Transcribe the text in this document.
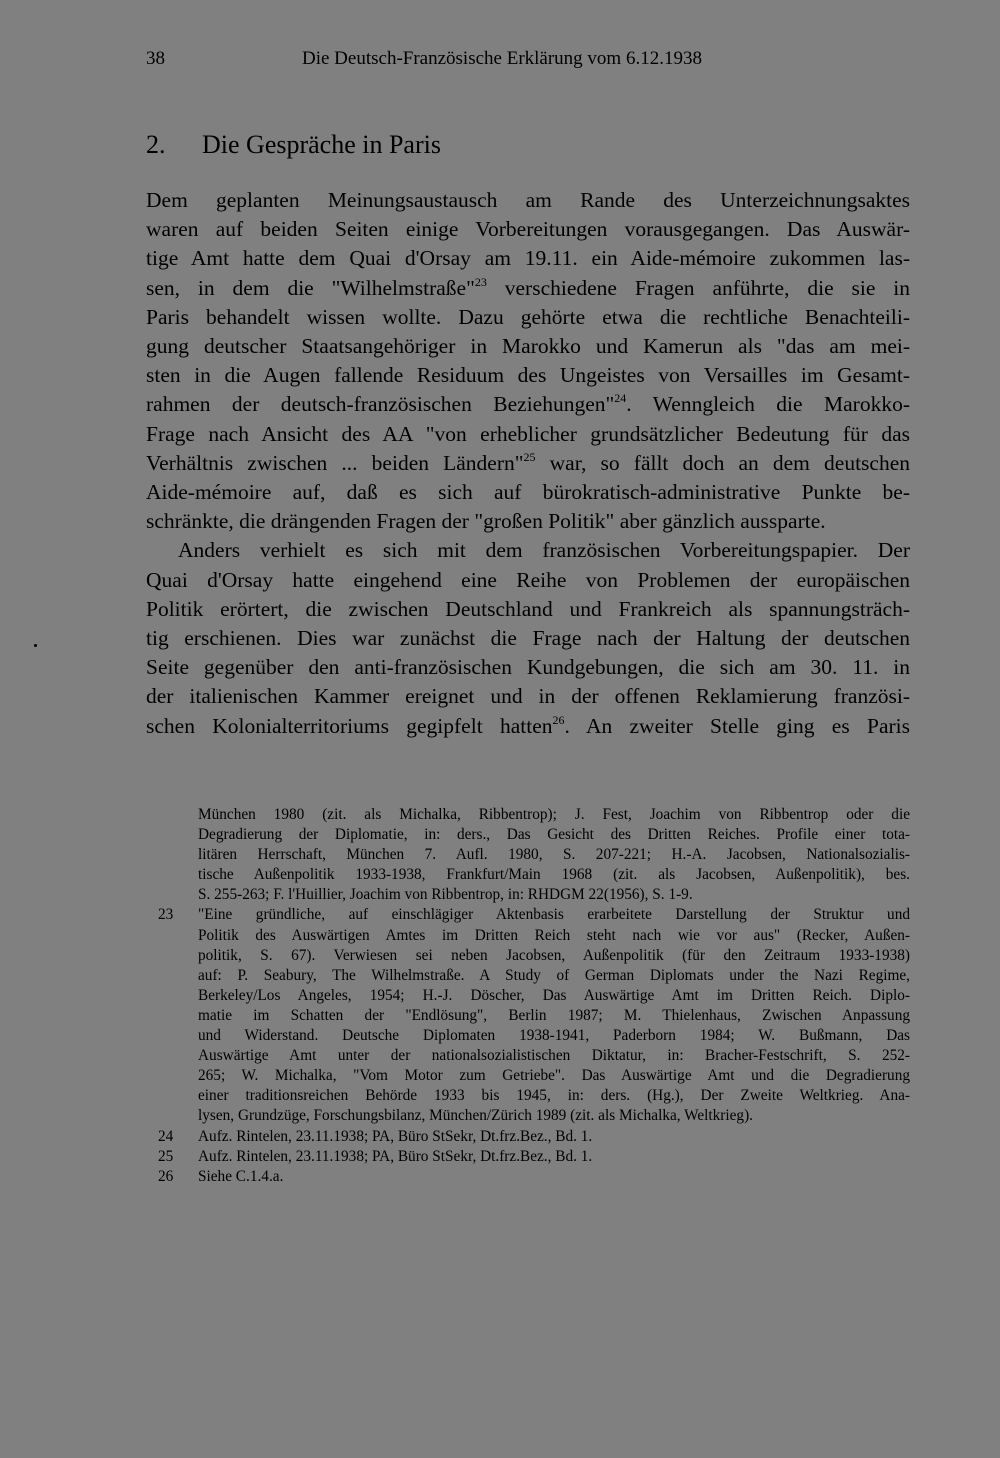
38	Die Deutsch-Französische Erklärung vom 6.12.1938
2. Die Gespräche in Paris
Dem geplanten Meinungsaustausch am Rande des Unterzeichnungsaktes
waren auf beiden Seiten einige Vorbereitungen vorausgegangen. Das Auswär-
tige Amt hatte dem Quai d'Orsay am 19.11. ein Aide-mémoire zukommen las-
sen, in dem die "Wilhelmstraße"$^{23}$ verschiedene Fragen anführte, die sie in
Paris behandelt wissen wollte. Dazu gehörte etwa die rechtliche Benachteili-
gung deutscher Staatsangehöriger in Marokko und Kamerun als "das am mei-
sten in die Augen fallende Residuum des Ungeistes von Versailles im Gesamt-
rahmen der deutsch-französischen Beziehungen"$^{24}$. Wenngleich die Marokko-
Frage nach Ansicht des AA "von erheblicher grundsätzlicher Bedeutung für das
Verhältnis zwischen ... beiden Ländern"$^{25}$ war, so fällt doch an dem deutschen
Aide-mémoire auf, daß es sich auf bürokratisch-administrative Punkte be-
schränkte, die drängenden Fragen der "großen Politik" aber gänzlich aussparte.
Anders verhielt es sich mit dem französischen Vorbereitungspapier. Der
Quai d'Orsay hatte eingehend eine Reihe von Problemen der europäischen
Politik erörtert, die zwischen Deutschland und Frankreich als spannungsträch-
tig erschienen. Dies war zunächst die Frage nach der Haltung der deutschen
Seite gegenüber den anti-französischen Kundgebungen, die sich am 30. 11. in
der italienischen Kammer ereignet und in der offenen Reklamierung französi-
schen Kolonialterritoriums gegipfelt hatten$^{26}$. An zweiter Stelle ging es Paris
München 1980 (zit. als Michalka, Ribbentrop); J. Fest, Joachim von Ribbentrop oder die
Degradierung der Diplomatie, in: ders., Das Gesicht des Dritten Reiches. Profile einer tota-
litären Herrschaft, München 7. Aufl. 1980, S. 207-221; H.-A. Jacobsen, Nationalsozialis-
tische Außenpolitik 1933-1938, Frankfurt/Main 1968 (zit. als Jacobsen, Außenpolitik), bes.
S. 255-263; F. l'Huillier, Joachim von Ribbentrop, in: RHDGM 22(1956), S. 1-9.
23	"Eine gründliche, auf einschlägiger Aktenbasis erarbeitete Darstellung der Struktur und
Politik des Auswärtigen Amtes im Dritten Reich steht nach wie vor aus" (Recker, Außen-
politik, S. 67). Verwiesen sei neben Jacobsen, Außenpolitik (für den Zeitraum 1933-1938)
auf: P. Seabury, The Wilhelmstraße. A Study of German Diplomats under the Nazi Regime,
Berkeley/Los Angeles, 1954; H.-J. Döscher, Das Auswärtige Amt im Dritten Reich. Diplo-
matie im Schatten der "Endlösung", Berlin 1987; M. Thielenhaus, Zwischen Anpassung
und Widerstand. Deutsche Diplomaten 1938-1941, Paderborn 1984; W. Bußmann, Das
Auswärtige Amt unter der nationalsozialistischen Diktatur, in: Bracher-Festschrift, S. 252-
265; W. Michalka, "Vom Motor zum Getriebe". Das Auswärtige Amt und die Degradierung
einer traditionsreichen Behörde 1933 bis 1945, in: ders. (Hg.), Der Zweite Weltkrieg. Ana-
lysen, Grundzüge, Forschungsbilanz, München/Zürich 1989 (zit. als Michalka, Weltkrieg).
24	Aufz. Rintelen, 23.11.1938; PA, Büro StSekr, Dt.frz.Bez., Bd. 1.
25	Aufz. Rintelen, 23.11.1938; PA, Büro StSekr, Dt.frz.Bez., Bd. 1.
26	Siehe C.1.4.a.
